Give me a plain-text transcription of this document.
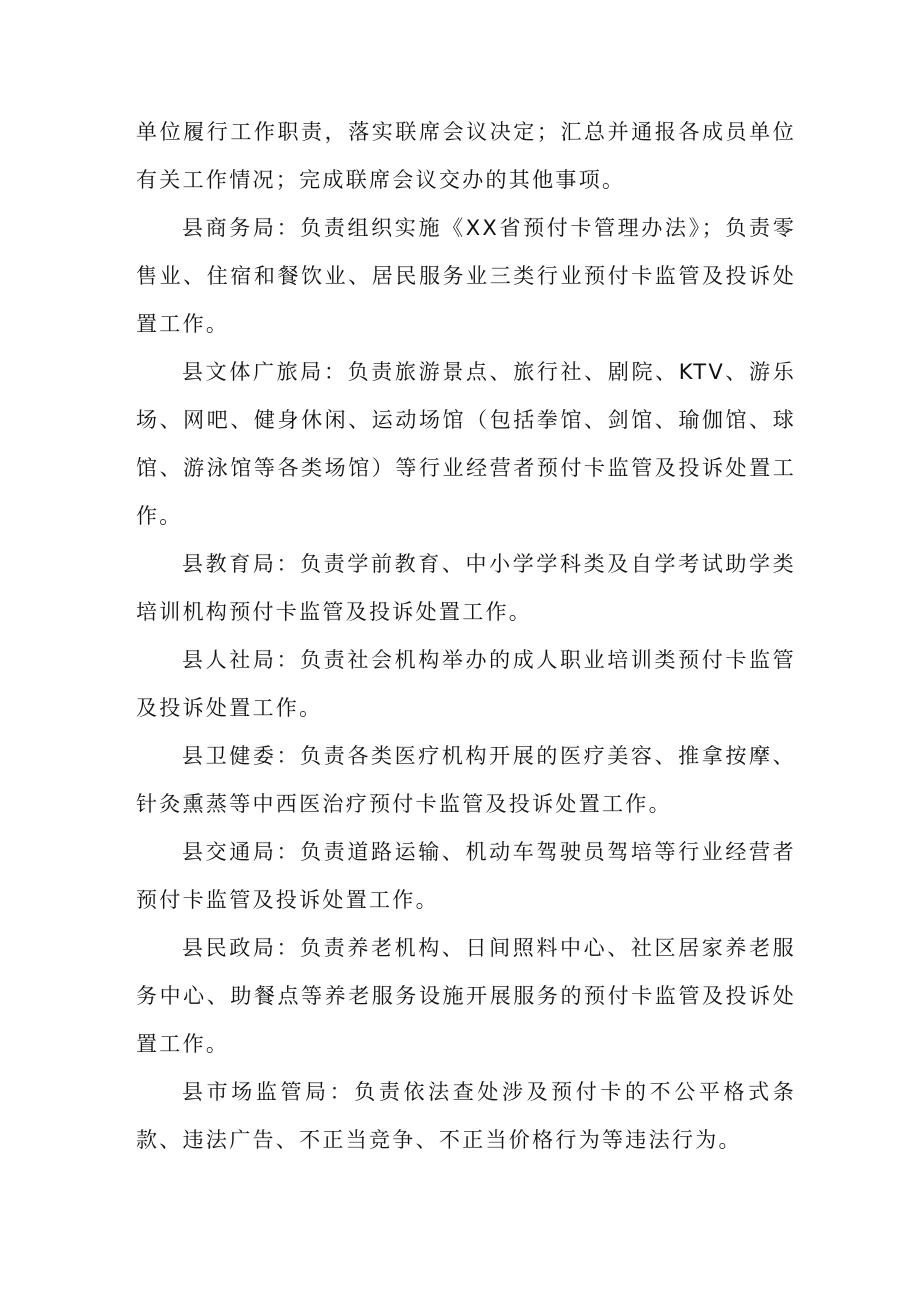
单位履行工作职责，落实联席会议决定；汇总并通报各成员单位有关工作情况；完成联席会议交办的其他事项。

县商务局：负责组织实施《XX省预付卡管理办法》；负责零售业、住宿和餐饮业、居民服务业三类行业预付卡监管及投诉处置工作。

县文体广旅局：负责旅游景点、旅行社、剧院、KTV、游乐场、网吧、健身休闲、运动场馆（包括拳馆、剑馆、瑜伽馆、球馆、游泳馆等各类场馆）等行业经营者预付卡监管及投诉处置工作。

县教育局：负责学前教育、中小学学科类及自学考试助学类培训机构预付卡监管及投诉处置工作。

县人社局：负责社会机构举办的成人职业培训类预付卡监管及投诉处置工作。

县卫健委：负责各类医疗机构开展的医疗美容、推拿按摩、针灸熏蒸等中西医治疗预付卡监管及投诉处置工作。

县交通局：负责道路运输、机动车驾驶员驾培等行业经营者预付卡监管及投诉处置工作。

县民政局：负责养老机构、日间照料中心、社区居家养老服务中心、助餐点等养老服务设施开展服务的预付卡监管及投诉处置工作。

县市场监管局：负责依法查处涉及预付卡的不公平格式条款、违法广告、不正当竞争、不正当价格行为等违法行为。
